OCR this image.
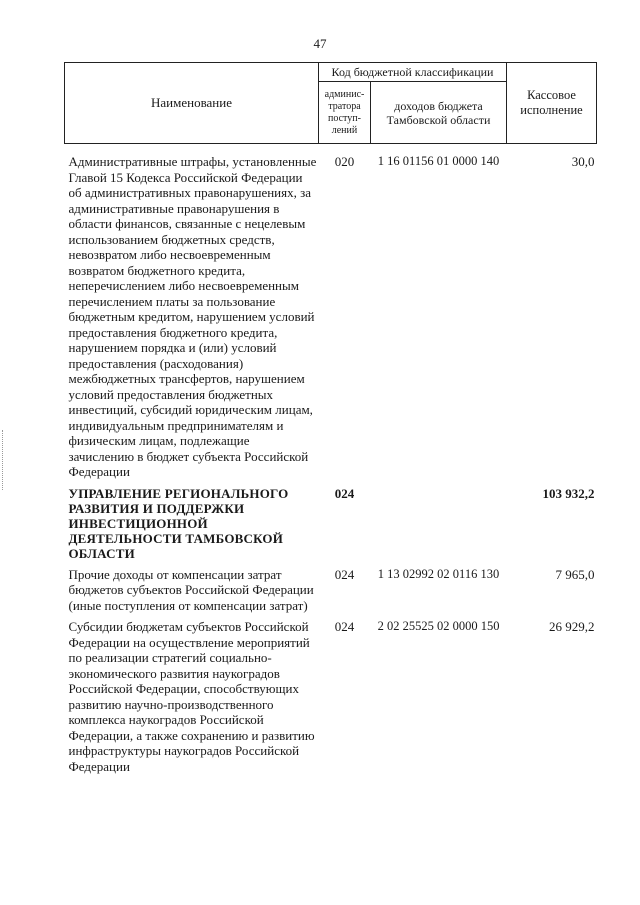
47
Наименование	Код бюджетной классификации		Кассовое исполнение
	админис-тратора поступ-лений	доходов бюджета Тамбовской области	
Административные штрафы, установленные Главой 15 Кодекса Российской Федерации об административных правонарушениях, за административные правонарушения в области финансов, связанные с нецелевым использованием бюджетных средств, невозвратом либо несвоевременным возвратом бюджетного кредита, неперечислением либо несвоевременным перечислением платы за пользование бюджетным кредитом, нарушением условий предоставления бюджетного кредита, нарушением порядка и (или) условий предоставления (расходования) межбюджетных трансфертов, нарушением условий предоставления бюджетных инвестиций, субсидий юридическим лицам, индивидуальным предпринимателям и физическим лицам, подлежащие зачислению в бюджет субъекта Российской Федерации	020	1 16 01156 01 0000 140	30,0
УПРАВЛЕНИЕ РЕГИОНАЛЬНОГО РАЗВИТИЯ И ПОДДЕРЖКИ ИНВЕСТИЦИОННОЙ ДЕЯТЕЛЬНОСТИ ТАМБОВСКОЙ ОБЛАСТИ	024		103 932,2
Прочие доходы от компенсации затрат бюджетов субъектов Российской Федерации (иные поступления от компенсации затрат)	024	1 13 02992 02 0116 130	7 965,0
Субсидии бюджетам субъектов Российской Федерации на осуществление мероприятий по реализации стратегий социально-экономического развития наукоградов Российской Федерации, способствующих развитию научно-производственного комплекса наукоградов Российской Федерации, а также сохранению и развитию инфраструктуры наукоградов Российской Федерации	024	2 02 25525 02 0000 150	26 929,2
